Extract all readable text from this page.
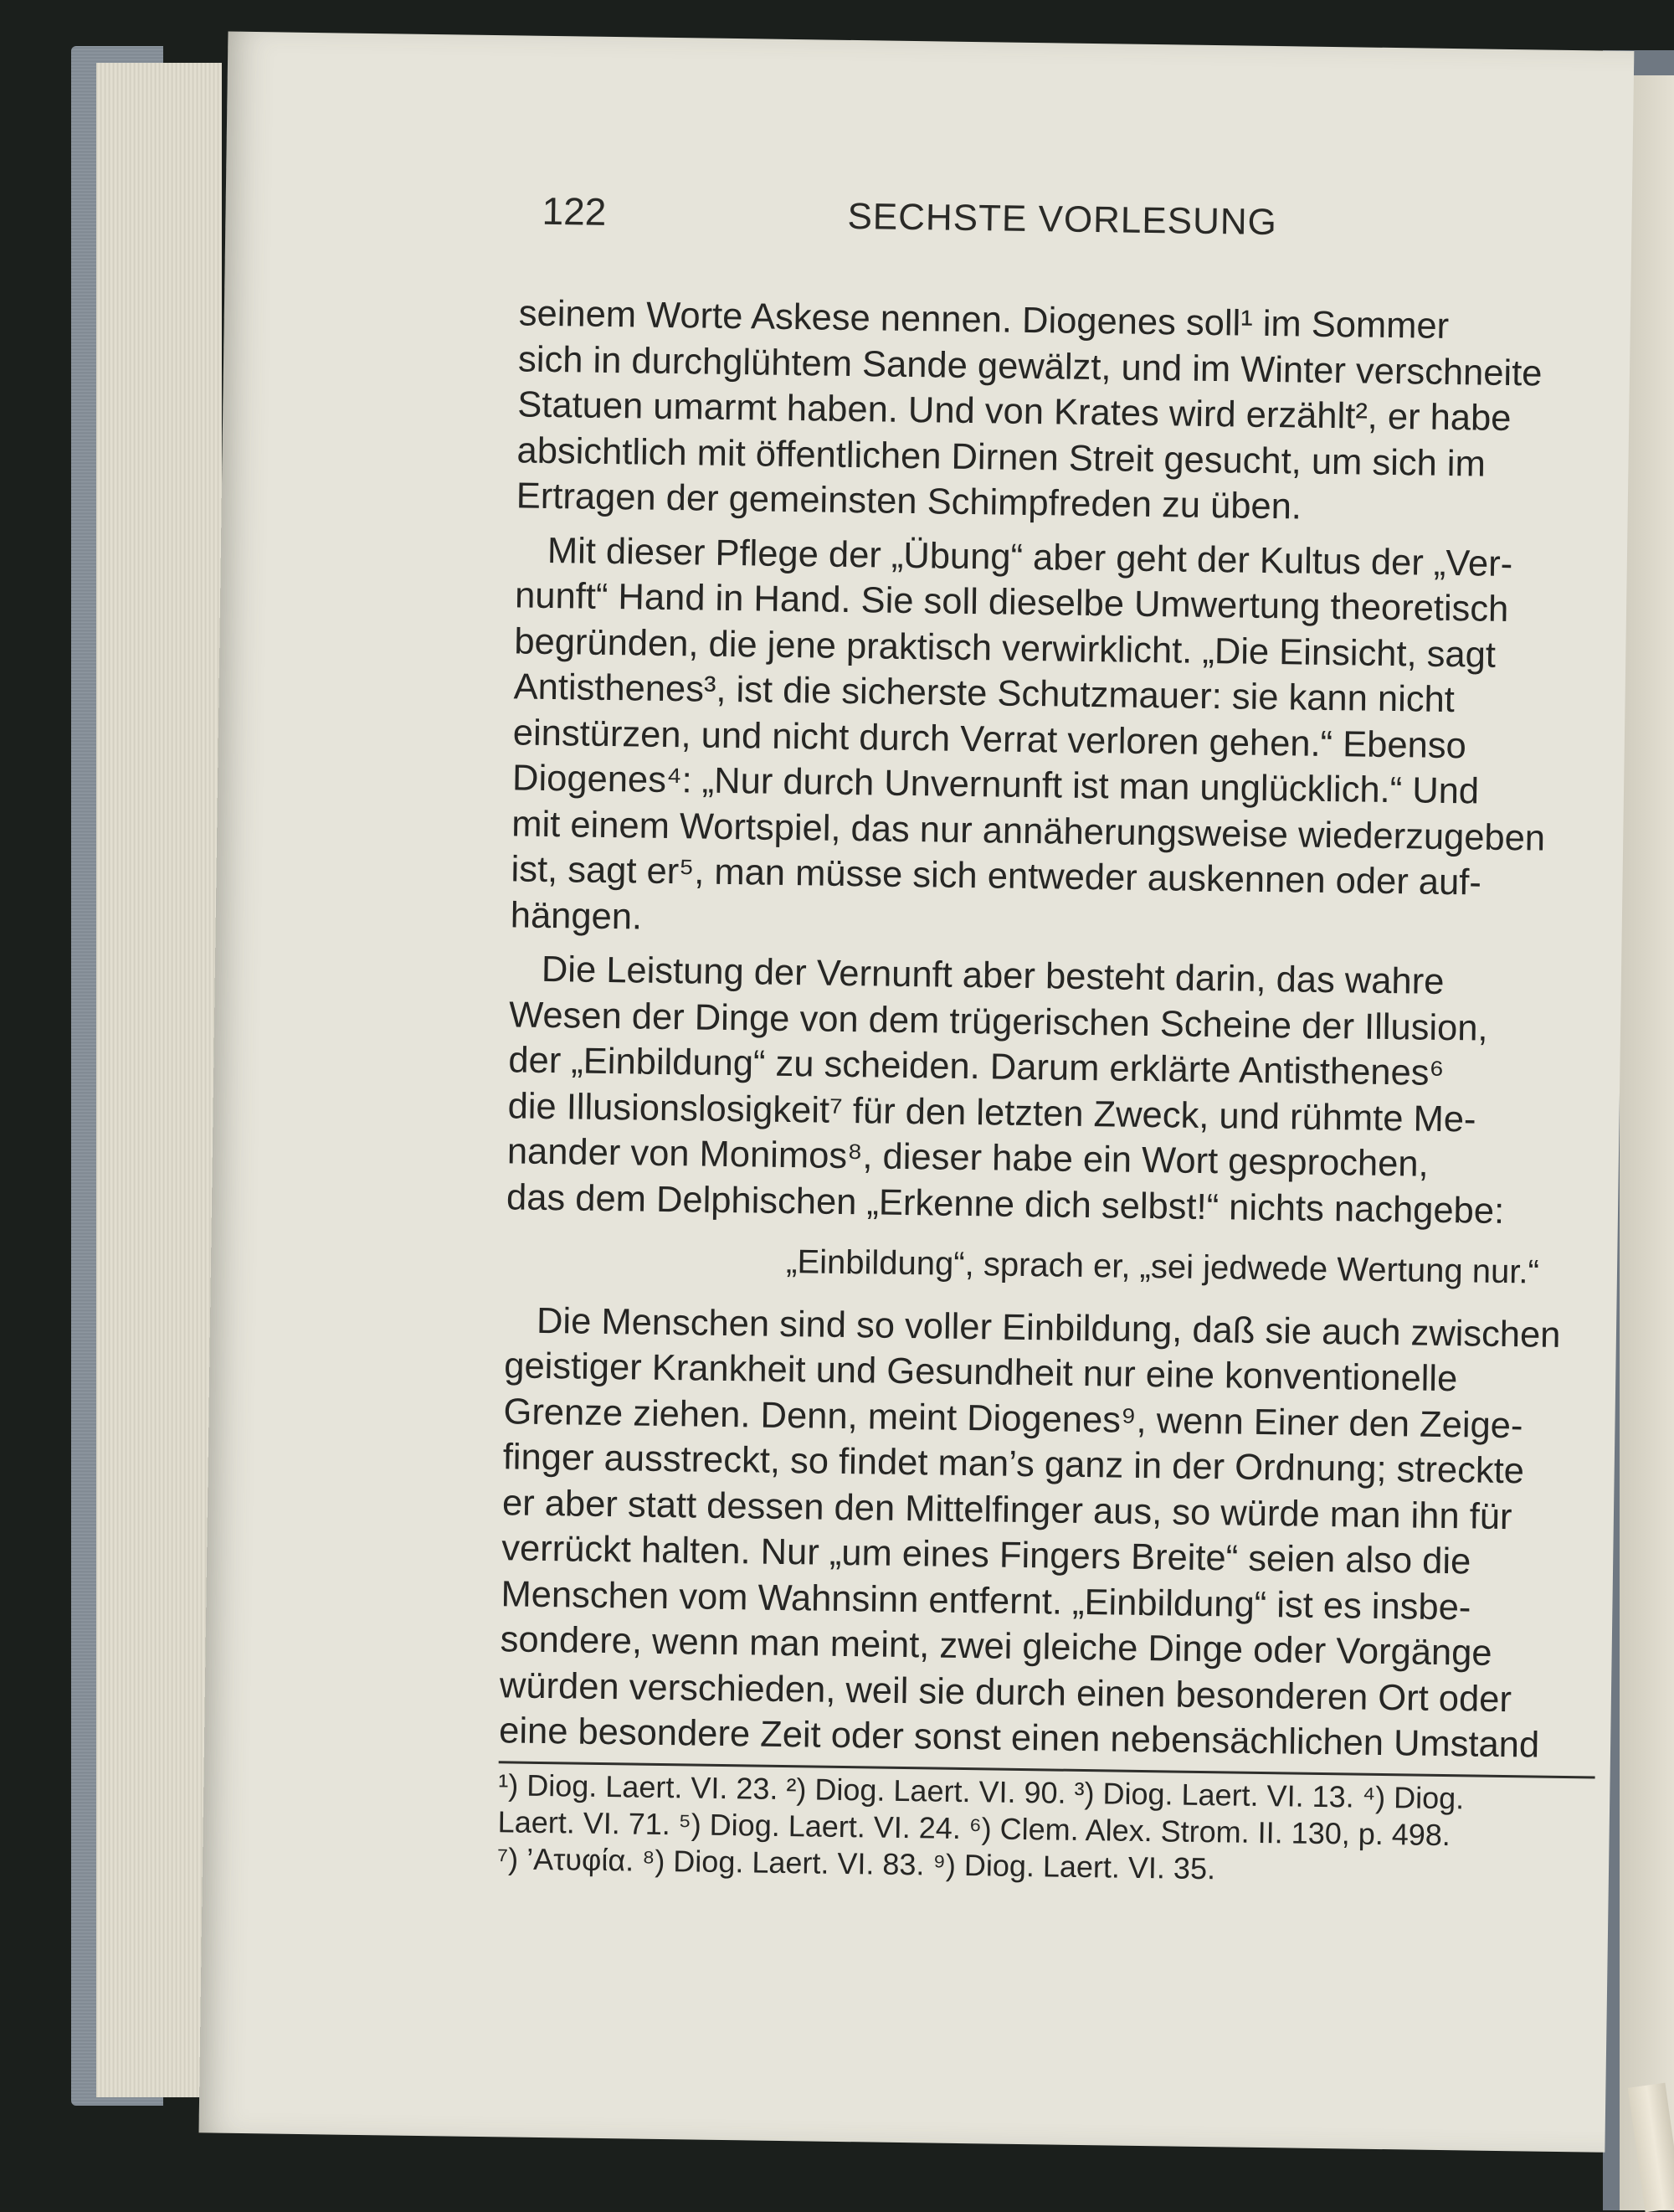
122	SECHSTE VORLESUNG
seinem Worte Askese nennen. Diogenes soll¹ im Sommer
sich in durchglühtem Sande gewälzt, und im Winter verschneite
Statuen umarmt haben. Und von Krates wird erzählt², er habe
absichtlich mit öffentlichen Dirnen Streit gesucht, um sich im
Ertragen der gemeinsten Schimpfreden zu üben.
Mit dieser Pflege der „Übung“ aber geht der Kultus der „Ver-
nunft“ Hand in Hand. Sie soll dieselbe Umwertung theoretisch
begründen, die jene praktisch verwirklicht. „Die Einsicht, sagt
Antisthenes³, ist die sicherste Schutzmauer: sie kann nicht
einstürzen, und nicht durch Verrat verloren gehen.“ Ebenso
Diogenes⁴: „Nur durch Unvernunft ist man unglücklich.“ Und
mit einem Wortspiel, das nur annäherungsweise wiederzugeben
ist, sagt er⁵, man müsse sich entweder auskennen oder auf-
hängen.
Die Leistung der Vernunft aber besteht darin, das wahre
Wesen der Dinge von dem trügerischen Scheine der Illusion,
der „Einbildung“ zu scheiden. Darum erklärte Antisthenes⁶
die Illusionslosigkeit⁷ für den letzten Zweck, und rühmte Me-
nander von Monimos⁸, dieser habe ein Wort gesprochen,
das dem Delphischen „Erkenne dich selbst!“ nichts nachgebe:
„Einbildung“, sprach er, „sei jedwede Wertung nur.“
Die Menschen sind so voller Einbildung, daß sie auch zwischen
geistiger Krankheit und Gesundheit nur eine konventionelle
Grenze ziehen. Denn, meint Diogenes⁹, wenn Einer den Zeige-
finger ausstreckt, so findet man’s ganz in der Ordnung; streckte
er aber statt dessen den Mittelfinger aus, so würde man ihn für
verrückt halten. Nur „um eines Fingers Breite“ seien also die
Menschen vom Wahnsinn entfernt. „Einbildung“ ist es insbe-
sondere, wenn man meint, zwei gleiche Dinge oder Vorgänge
würden verschieden, weil sie durch einen besonderen Ort oder
eine besondere Zeit oder sonst einen nebensächlichen Umstand
¹) Diog. Laert. VI. 23. ²) Diog. Laert. VI. 90. ³) Diog. Laert. VI. 13. ⁴) Diog.
Laert. VI. 71. ⁵) Diog. Laert. VI. 24. ⁶) Clem. Alex. Strom. II. 130, p. 498.
⁷) ’Ατυφία. ⁸) Diog. Laert. VI. 83. ⁹) Diog. Laert. VI. 35.
